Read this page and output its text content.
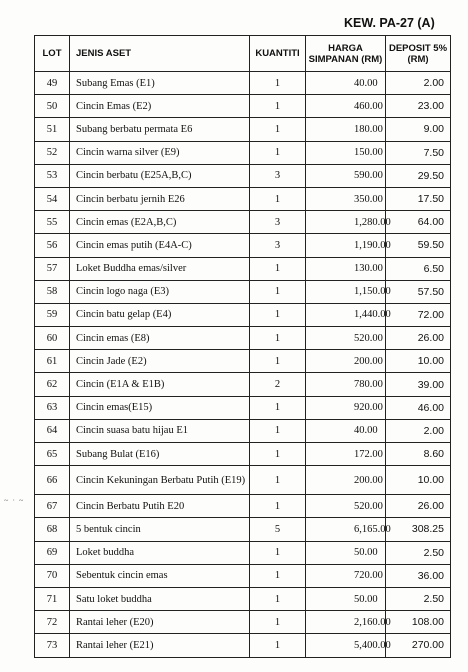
KEW. PA-27 (A)
LOT	JENIS ASET	KUANTITI	HARGA SIMPANAN (RM)	DEPOSIT 5% (RM)
49	Subang Emas (E1)	1	40.00	2.00
50	Cincin Emas (E2)	1	460.00	23.00
51	Subang berbatu permata E6	1	180.00	9.00
52	Cincin warna silver (E9)	1	150.00	7.50
53	Cincin berbatu (E25A,B,C)	3	590.00	29.50
54	Cincin berbatu jernih E26	1	350.00	17.50
55	Cincin emas (E2A,B,C)	3	1,280.00	64.00
56	Cincin emas putih (E4A-C)	3	1,190.00	59.50
57	Loket Buddha emas/silver	1	130.00	6.50
58	Cincin logo naga (E3)	1	1,150.00	57.50
59	Cincin batu gelap (E4)	1	1,440.00	72.00
60	Cincin emas (E8)	1	520.00	26.00
61	Cincin Jade (E2)	1	200.00	10.00
62	Cincin (E1A & E1B)	2	780.00	39.00
63	Cincin emas(E15)	1	920.00	46.00
64	Cincin suasa batu hijau E1	1	40.00	2.00
65	Subang Bulat (E16)	1	172.00	8.60
66	Cincin Kekuningan Berbatu Putih (E19)	1	200.00	10.00
67	Cincin Berbatu Putih E20	1	520.00	26.00
68	5 bentuk cincin	5	6,165.00	308.25
69	Loket buddha	1	50.00	2.50
70	Sebentuk cincin emas	1	720.00	36.00
71	Satu loket buddha	1	50.00	2.50
72	Rantai leher (E20)	1	2,160.00	108.00
73	Rantai leher (E21)	1	5,400.00	270.00
~ · ~
